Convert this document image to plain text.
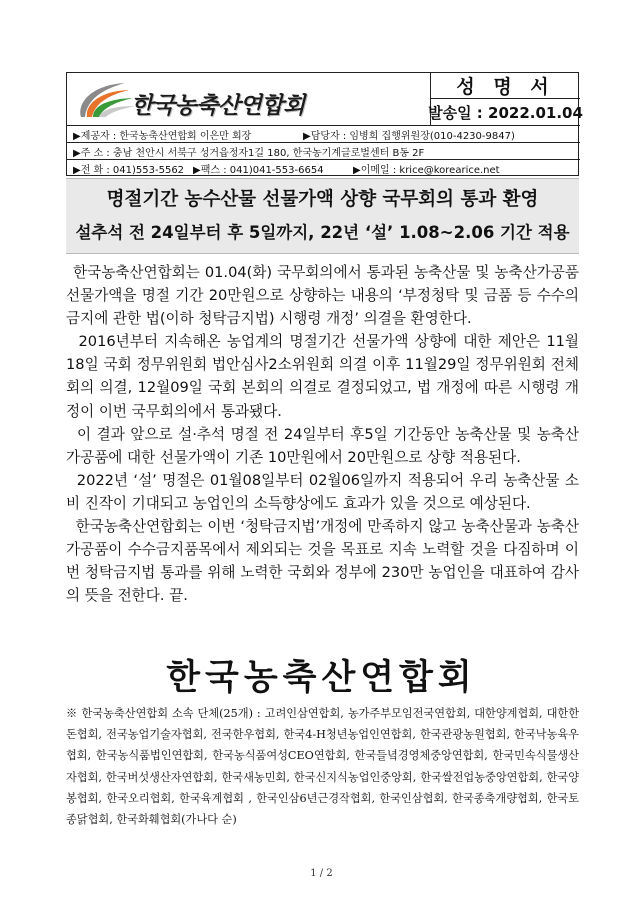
한국농축산연합회
성 명 서
발송일 : 2022.01.04
▶제공자 : 한국농축산연합회 이은만 회장	▶담당자 : 임병희 집행위원장(010-4230-9847)
▶주 소 : 충남 천안시 서북구 성거읍정자1길 180, 한국농기계글로벌센터 B동 2F
▶전 화 : 041)553-5562 ▶팩스 : 041)041-553-6654	▶이메일 : krice@korearice.net
명절기간 농수산물 선물가액 상향 국무회의 통과 환영
설추석 전 24일부터 후 5일까지, 22년 ‘설’ 1.08~2.06 기간 적용

한국농축산연합회는 01.04(화) 국무회의에서 통과된 농축산물 및 농축산가공품 선물가액을 명절 기간 20만원으로 상향하는 내용의 ‘부정청탁 및 금품 등 수수의 금지에 관한 법(이하 청탁금지법) 시행령 개정’ 의결을 환영한다.

2016년부터 지속해온 농업계의 명절기간 선물가액 상향에 대한 제안은 11월 18일 국회 정무위원회 법안심사2소위원회 의결 이후 11월29일 정무위원회 전체회의 의결, 12월09일 국회 본회의 의결로 결정되었고, 법 개정에 따른 시행령 개정이 이번 국무회의에서 통과됐다.

이 결과 앞으로 설·추석 명절 전 24일부터 후5일 기간동안 농축산물 및 농축산가공품에 대한 선물가액이 기존 10만원에서 20만원으로 상향 적용된다.

2022년 ‘설’ 명절은 01월08일부터 02월06일까지 적용되어 우리 농축산물 소비 진작이 기대되고 농업인의 소득향상에도 효과가 있을 것으로 예상된다.

한국농축산연합회는 이번 ‘청탁금지법’개정에 만족하지 않고 농축산물과 농축산가공품이 수수금지품목에서 제외되는 것을 목표로 지속 노력할 것을 다짐하며 이번 청탁금지법 통과를 위해 노력한 국회와 정부에 230만 농업인을 대표하여 감사의 뜻을 전한다. 끝.

한국농축산연합회
※ 한국농축산연합회 소속 단체(25개) : 고려인삼연합회, 농가주부모임전국연합회, 대한양계협회, 대한한돈협회, 전국농업기술자협회, 전국한우협회, 한국4-H청년농업인연합회, 한국관광농원협회, 한국낙농육우협회, 한국농식품법인연합회, 한국농식품여성CEO연합회, 한국들녘경영체중앙연합회, 한국민속식물생산자협회, 한국버섯생산자연합회, 한국새농민회, 한국신지식농업인중앙회, 한국쌀전업농중앙연합회, 한국양봉협회, 한국오리협회, 한국육계협회 , 한국인삼6년근경작협회, 한국인삼협회, 한국종축개량협회, 한국토종닭협회, 한국화훼협회(가나다 순)
1 / 2
